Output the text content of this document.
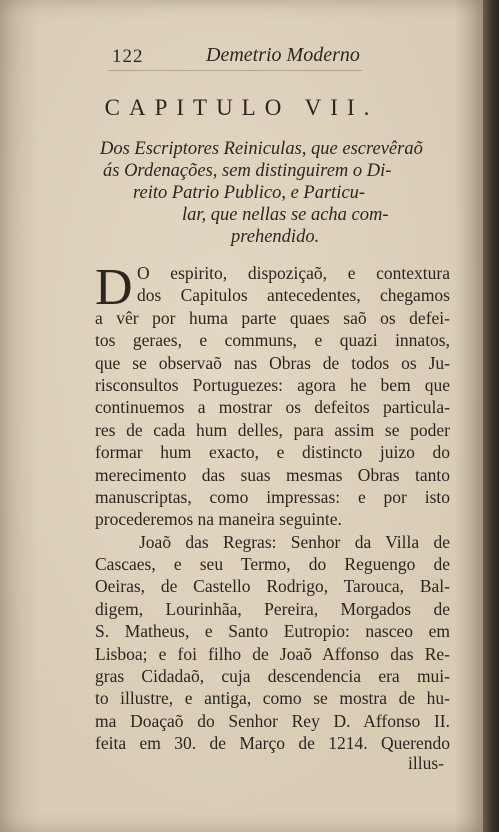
122	Demetrio Moderno
CAPITULO VII.
Dos Escriptores Reiniculas, que escrevêraõ
ás Ordenações, sem distinguirem o Di-
reito Patrio Publico, e Particu-
lar, que nellas se acha com-
prehendido.
D O espirito, dispoziçaõ, e contextura
dos Capitulos antecedentes, chegamos
a vêr por huma parte quaes saõ os defei-
tos geraes, e communs, e quazi innatos,
que se observaõ nas Obras de todos os Ju-
risconsultos Portuguezes: agora he bem que
continuemos a mostrar os defeitos particula-
res de cada hum delles, para assim se poder
formar hum exacto, e distincto juizo do
merecimento das suas mesmas Obras tanto
manuscriptas, como impressas: e por isto
procederemos na maneira seguinte.
Joaõ das Regras: Senhor da Villa de
Cascaes, e seu Termo, do Reguengo de
Oeiras, de Castello Rodrigo, Tarouca, Bal-
digem, Lourinhãa, Pereira, Morgados de
S. Matheus, e Santo Eutropio: nasceo em
Lisboa; e foi filho de Joaõ Affonso das Re-
gras Cidadaõ, cuja descendencia era mui-
to illustre, e antiga, como se mostra de hu-
ma Doaçaõ do Senhor Rey D. Affonso II.
feita em 30. de Março de 1214. Querendo
illus-
